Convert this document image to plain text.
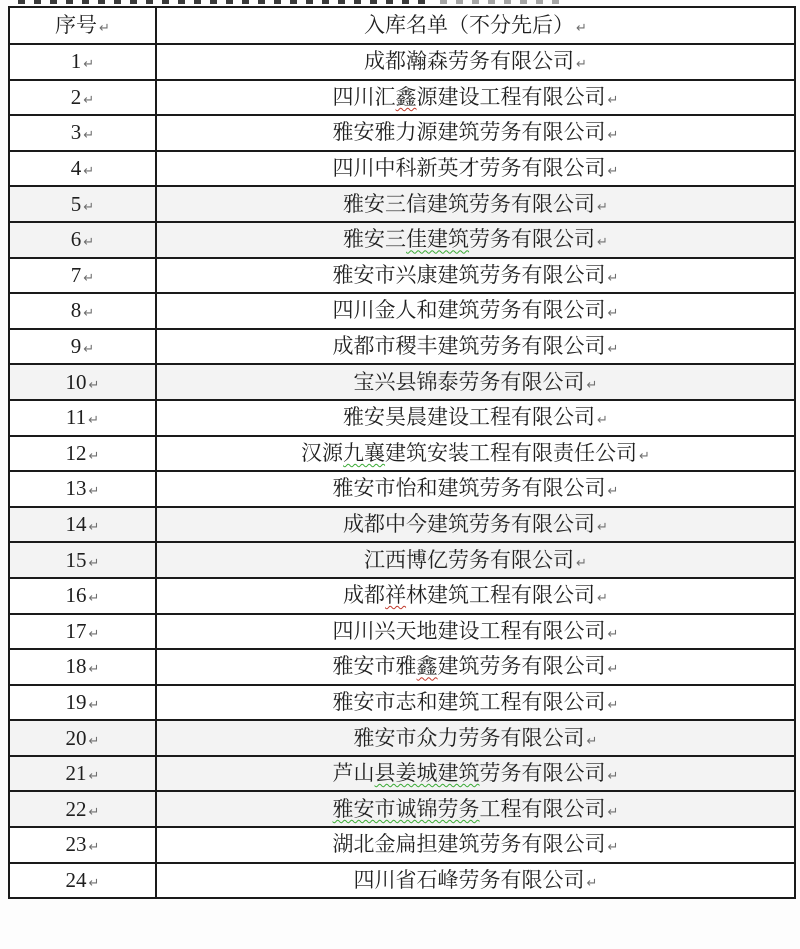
序号 ↵	入库名单（不分先后） ↵
1 ↵	成都瀚森劳务有限公司 ↵
2 ↵	四川汇鑫源建设工程有限公司 ↵
3 ↵	雅安雅力源建筑劳务有限公司 ↵
4 ↵	四川中科新英才劳务有限公司 ↵
5 ↵	雅安三信建筑劳务有限公司 ↵
6 ↵	雅安三佳建筑劳务有限公司 ↵
7 ↵	雅安市兴康建筑劳务有限公司 ↵
8 ↵	四川金人和建筑劳务有限公司 ↵
9 ↵	成都市稷丰建筑劳务有限公司 ↵
10 ↵	宝兴县锦泰劳务有限公司 ↵
11 ↵	雅安昊晨建设工程有限公司 ↵
12 ↵	汉源九襄建筑安装工程有限责任公司 ↵
13 ↵	雅安市怡和建筑劳务有限公司 ↵
14 ↵	成都中今建筑劳务有限公司 ↵
15 ↵	江西博亿劳务有限公司 ↵
16 ↵	成都祥林建筑工程有限公司 ↵
17 ↵	四川兴天地建设工程有限公司 ↵
18 ↵	雅安市雅鑫建筑劳务有限公司 ↵
19 ↵	雅安市志和建筑工程有限公司 ↵
20 ↵	雅安市众力劳务有限公司 ↵
21 ↵	芦山县姜城建筑劳务有限公司 ↵
22 ↵	雅安市诚锦劳务工程有限公司 ↵
23 ↵	湖北金扁担建筑劳务有限公司 ↵
24 ↵	四川省石峰劳务有限公司 ↵
